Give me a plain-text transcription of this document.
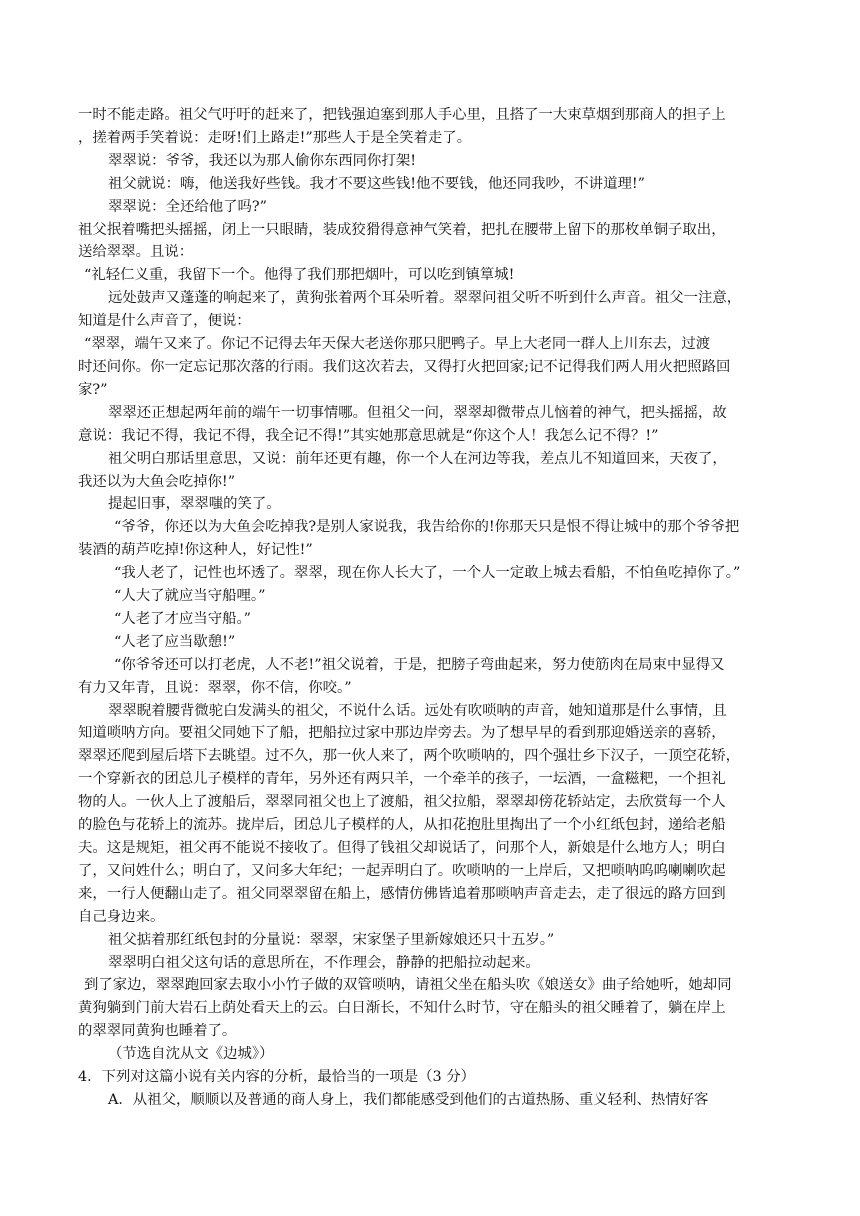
一时不能走路。祖父气吁吁的赶来了，把钱强迫塞到那人手心里，且搭了一大束草烟到那商人的担子上

，搓着两手笑着说：走呀!们上路走!”那些人于是全笑着走了。

翠翠说：爷爷，我还以为那人偷你东西同你打架!

祖父就说：嗨，他送我好些钱。我才不要这些钱!他不要钱，他还同我吵，不讲道理!”

翠翠说：全还给他了吗?”

祖父抿着嘴把头摇摇，闭上一只眼睛，装成狡猾得意神气笑着，把扎在腰带上留下的那枚单铜子取出，

送给翠翠。且说：

“礼轻仁义重，我留下一个。他得了我们那把烟叶，可以吃到镇筸城!

远处鼓声又蓬蓬的响起来了，黄狗张着两个耳朵听着。翠翠问祖父听不听到什么声音。祖父一注意，

知道是什么声音了，便说：

“翠翠，端午又来了。你记不记得去年天保大老送你那只肥鸭子。早上大老同一群人上川东去，过渡

时还问你。你一定忘记那次落的行雨。我们这次若去，又得打火把回家;记不记得我们两人用火把照路回

家?”

翠翠还正想起两年前的端午一切事情哪。但祖父一问，翠翠却微带点儿恼着的神气，把头摇摇，故

意说：我记不得，我记不得，我全记不得!”其实她那意思就是“你这个人！我怎么记不得？!”

祖父明白那话里意思，又说：前年还更有趣，你一个人在河边等我，差点儿不知道回来，天夜了，

我还以为大鱼会吃掉你!”

提起旧事，翠翠嗤的笑了。

“爷爷，你还以为大鱼会吃掉我?是别人家说我，我告给你的!你那天只是恨不得让城中的那个爷爷把

装酒的葫芦吃掉!你这种人，好记性!”

“我人老了，记性也坏透了。翠翠，现在你人长大了，一个人一定敢上城去看船，不怕鱼吃掉你了。”

“人大了就应当守船哩。”

“人老了才应当守船。”

“人老了应当歇憩!”

“你爷爷还可以打老虎，人不老!”祖父说着，于是，把膀子弯曲起来，努力使筋肉在局束中显得又

有力又年青，且说：翠翠，你不信，你咬。”

翠翠睨着腰背微驼白发满头的祖父，不说什么话。远处有吹唢呐的声音，她知道那是什么事情，且

知道唢呐方向。要祖父同她下了船，把船拉过家中那边岸旁去。为了想早早的看到那迎婚送亲的喜轿，

翠翠还爬到屋后塔下去眺望。过不久，那一伙人来了，两个吹唢呐的，四个强壮乡下汉子，一顶空花轿，

一个穿新衣的团总儿子模样的青年，另外还有两只羊，一个牵羊的孩子，一坛酒，一盒糍粑，一个担礼

物的人。一伙人上了渡船后，翠翠同祖父也上了渡船，祖父拉船，翠翠却傍花轿站定，去欣赏每一个人

的脸色与花轿上的流苏。拢岸后，团总儿子模样的人，从扣花抱肚里掏出了一个小红纸包封，递给老船

夫。这是规矩，祖父再不能说不接收了。但得了钱祖父却说话了，问那个人，新娘是什么地方人；明白

了，又问姓什么；明白了，又问多大年纪；一起弄明白了。吹唢呐的一上岸后，又把唢呐呜呜喇喇吹起

来，一行人便翻山走了。祖父同翠翠留在船上，感情仿佛皆追着那唢呐声音走去，走了很远的路方回到

自己身边来。

祖父掂着那红纸包封的分量说：翠翠，宋家堡子里新嫁娘还只十五岁。”

翠翠明白祖父这句话的意思所在，不作理会，静静的把船拉动起来。

到了家边，翠翠跑回家去取小小竹子做的双管唢呐，请祖父坐在船头吹《娘送女》曲子给她听，她却同

黄狗躺到门前大岩石上荫处看天上的云。白日渐长，不知什么时节，守在船头的祖父睡着了，躺在岸上

的翠翠同黄狗也睡着了。

（节选自沈从文《边城》）

4．下列对这篇小说有关内容的分析，最恰当的一项是（3 分）

A．从祖父，顺顺以及普通的商人身上，我们都能感受到他们的古道热肠、重义轻利、热情好客
